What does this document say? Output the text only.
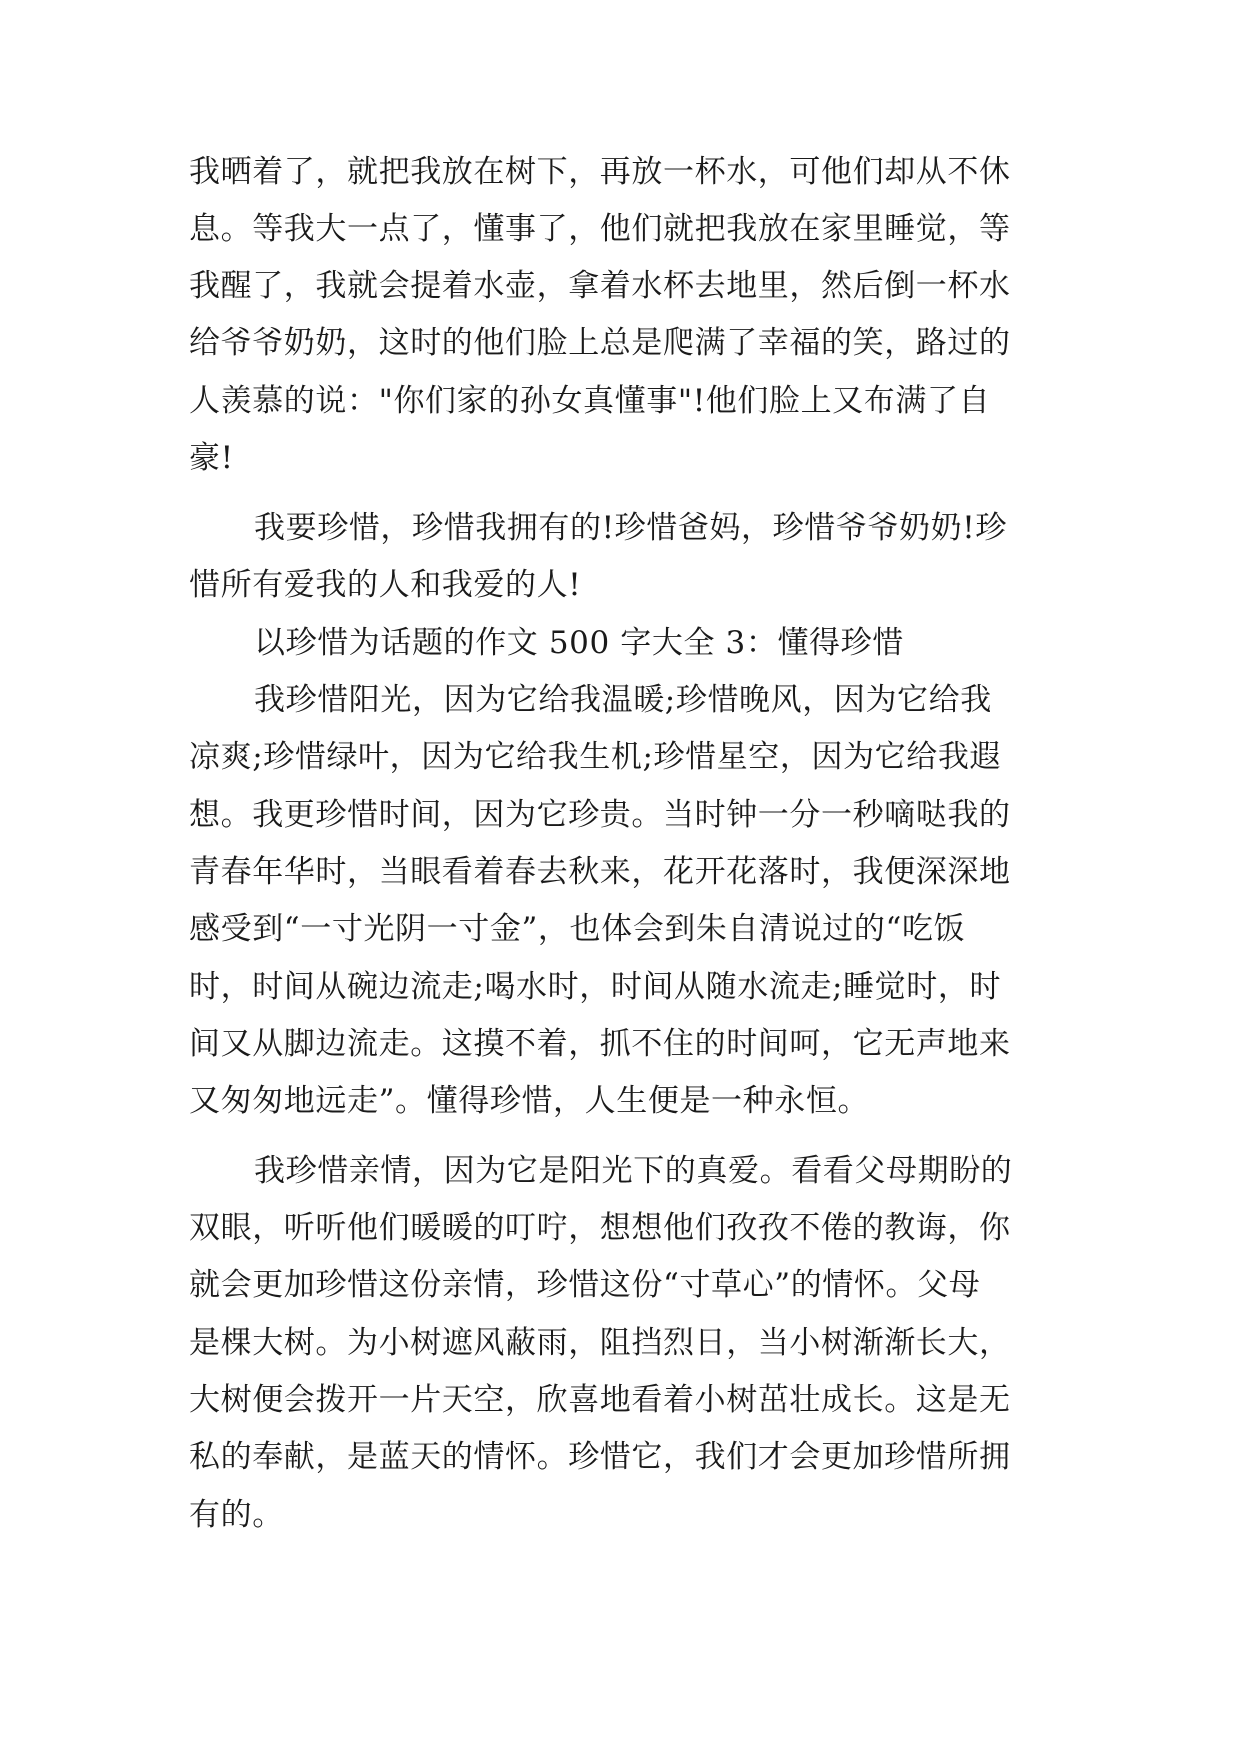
我晒着了，就把我放在树下，再放一杯水，可他们却从不休
息。等我大一点了，懂事了，他们就把我放在家里睡觉，等
我醒了，我就会提着水壶，拿着水杯去地里，然后倒一杯水
给爷爷奶奶，这时的他们脸上总是爬满了幸福的笑，路过的
人羡慕的说："你们家的孙女真懂事"!他们脸上又布满了自
豪!
我要珍惜，珍惜我拥有的!珍惜爸妈，珍惜爷爷奶奶!珍
惜所有爱我的人和我爱的人!
以珍惜为话题的作文 500 字大全 3：懂得珍惜
我珍惜阳光，因为它给我温暖;珍惜晚风，因为它给我
凉爽;珍惜绿叶，因为它给我生机;珍惜星空，因为它给我遐
想。我更珍惜时间，因为它珍贵。当时钟一分一秒嘀哒我的
青春年华时，当眼看着春去秋来，花开花落时，我便深深地
感受到“一寸光阴一寸金”，也体会到朱自清说过的“吃饭
时，时间从碗边流走;喝水时，时间从随水流走;睡觉时，时
间又从脚边流走。这摸不着，抓不住的时间呵，它无声地来
又匆匆地远走”。懂得珍惜，人生便是一种永恒。
我珍惜亲情，因为它是阳光下的真爱。看看父母期盼的
双眼，听听他们暖暖的叮咛，想想他们孜孜不倦的教诲，你
就会更加珍惜这份亲情，珍惜这份“寸草心”的情怀。父母
是棵大树。为小树遮风蔽雨，阻挡烈日，当小树渐渐长大，
大树便会拨开一片天空，欣喜地看着小树茁壮成长。这是无
私的奉献，是蓝天的情怀。珍惜它，我们才会更加珍惜所拥
有的。
